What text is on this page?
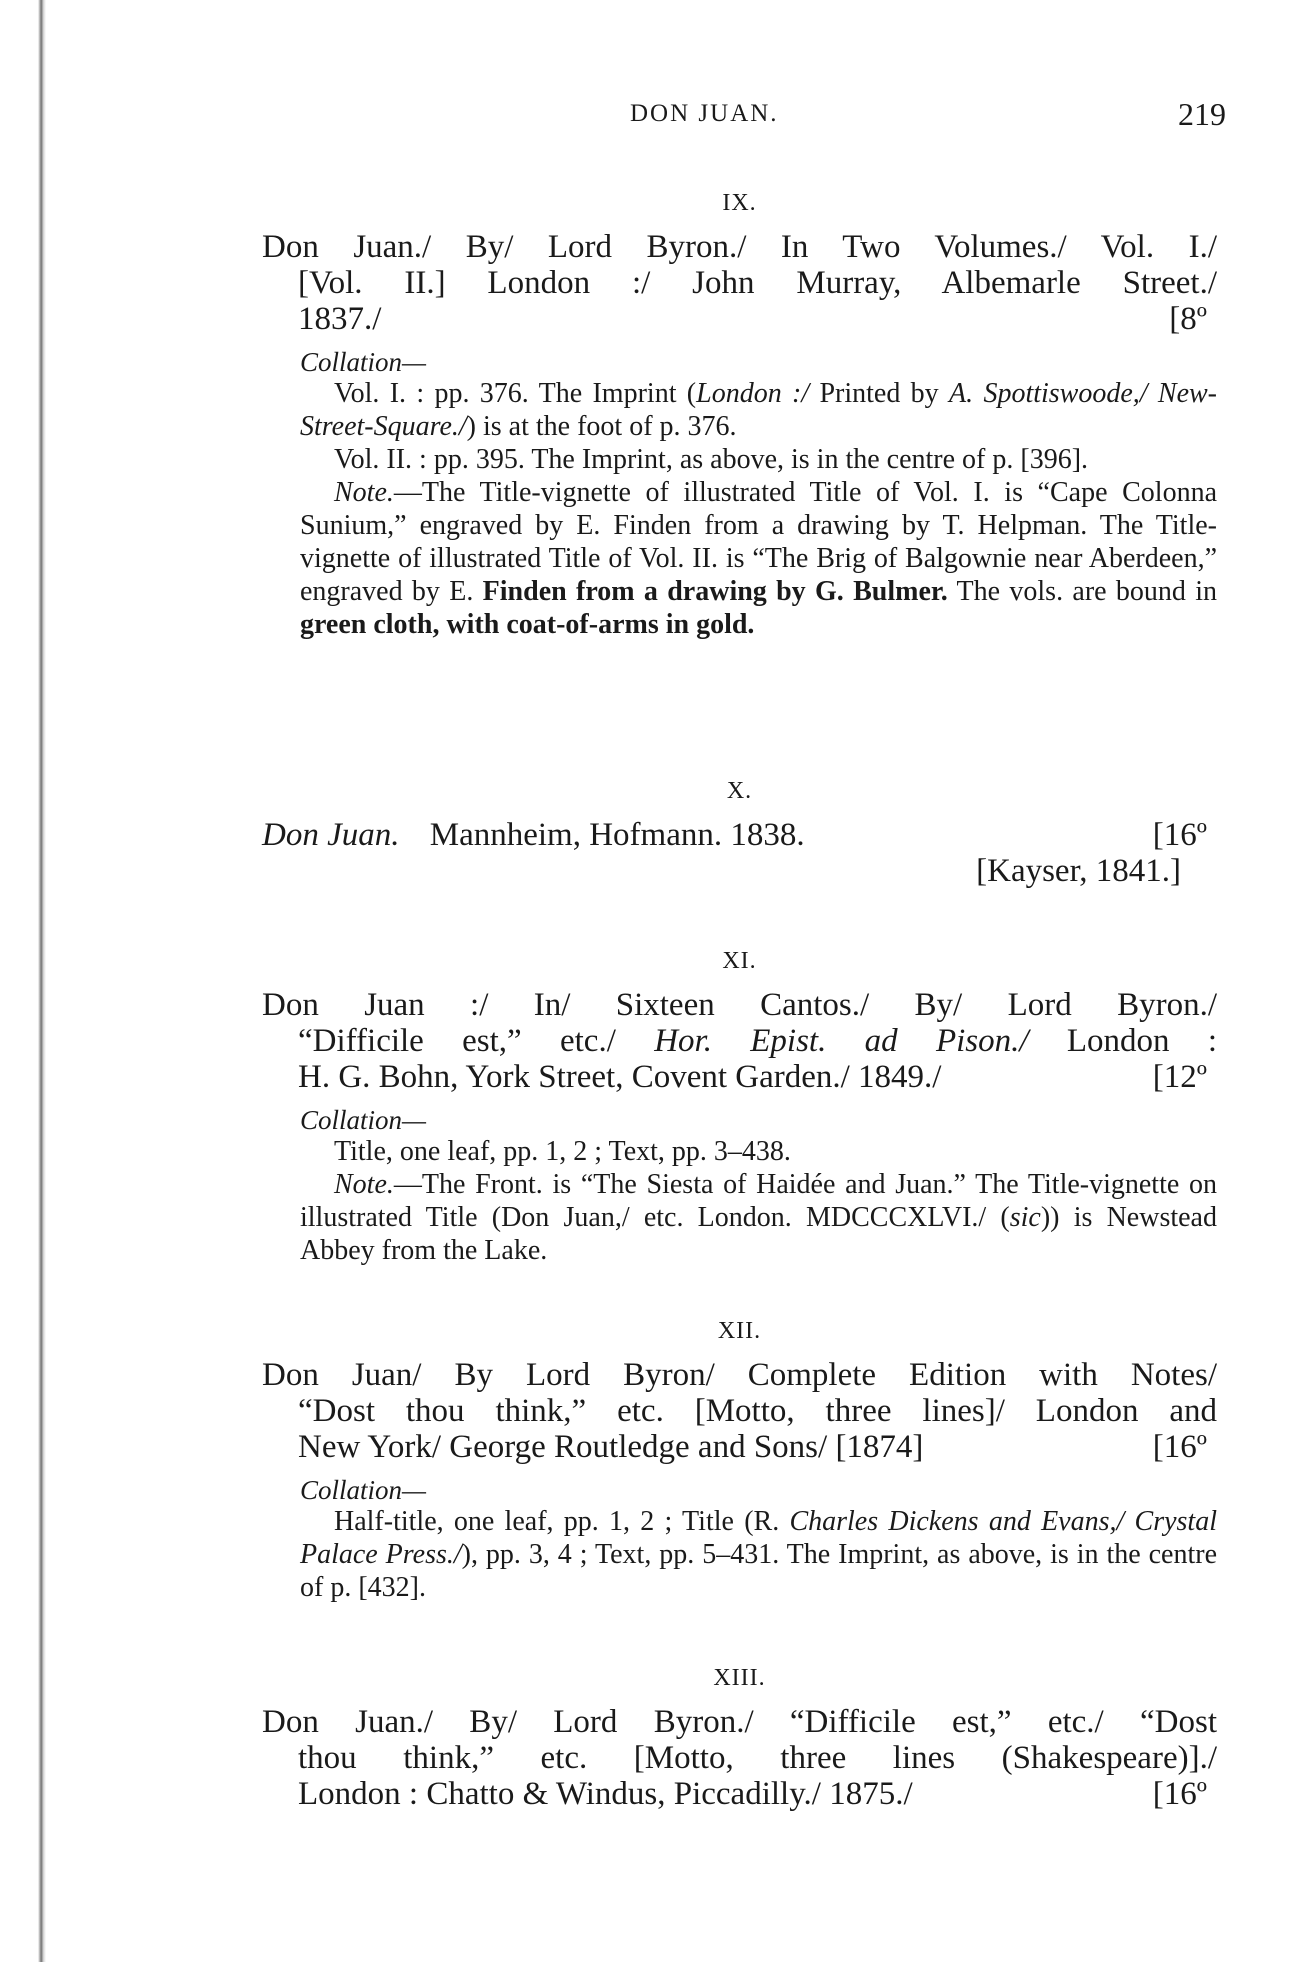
DON JUAN.	219
IX.
Don Juan./ By/ Lord Byron./ In Two Volumes./ Vol. I./
[Vol. II.] London :/ John Murray, Albemarle Street./
1837./	[8º
Collation—

Vol. I. : pp. 376. The Imprint (London :/ Printed by A. Spottiswoode,/ New-Street-Square./) is at the foot of p. 376.

Vol. II. : pp. 395. The Imprint, as above, is in the centre of p. [396].

Note.—The Title-vignette of illustrated Title of Vol. I. is “Cape Colonna Sunium,” engraved by E. Finden from a drawing by T. Helpman. The Title-vignette of illustrated Title of Vol. II. is “The Brig of Balgownie near Aberdeen,” engraved by E. Finden from a drawing by G. Bulmer. The vols. are bound in green cloth, with coat-of-arms in gold.

X.
Don Juan. Mannheim, Hofmann. 1838.	[16º
[Kayser, 1841.]
XI.
Don Juan :/ In/ Sixteen Cantos./ By/ Lord Byron./
“Difficile est,” etc./ Hor. Epist. ad Pison./ London :
H. G. Bohn, York Street, Covent Garden./ 1849./	[12º
Collation—

Title, one leaf, pp. 1, 2 ; Text, pp. 3–438.

Note.—The Front. is “The Siesta of Haidée and Juan.” The Title-vignette on illustrated Title (Don Juan,/ etc. London. MDCCCXLVI./ (sic)) is Newstead Abbey from the Lake.

XII.
Don Juan/ By Lord Byron/ Complete Edition with Notes/
“Dost thou think,” etc. [Motto, three lines]/ London and
New York/ George Routledge and Sons/ [1874]	[16º
Collation—

Half-title, one leaf, pp. 1, 2 ; Title (R. Charles Dickens and Evans,/ Crystal Palace Press./), pp. 3, 4 ; Text, pp. 5–431. The Imprint, as above, is in the centre of p. [432].

XIII.
Don Juan./ By/ Lord Byron./ “Difficile est,” etc./ “Dost
thou think,” etc. [Motto, three lines (Shakespeare)]./
London : Chatto & Windus, Piccadilly./ 1875./	[16º
